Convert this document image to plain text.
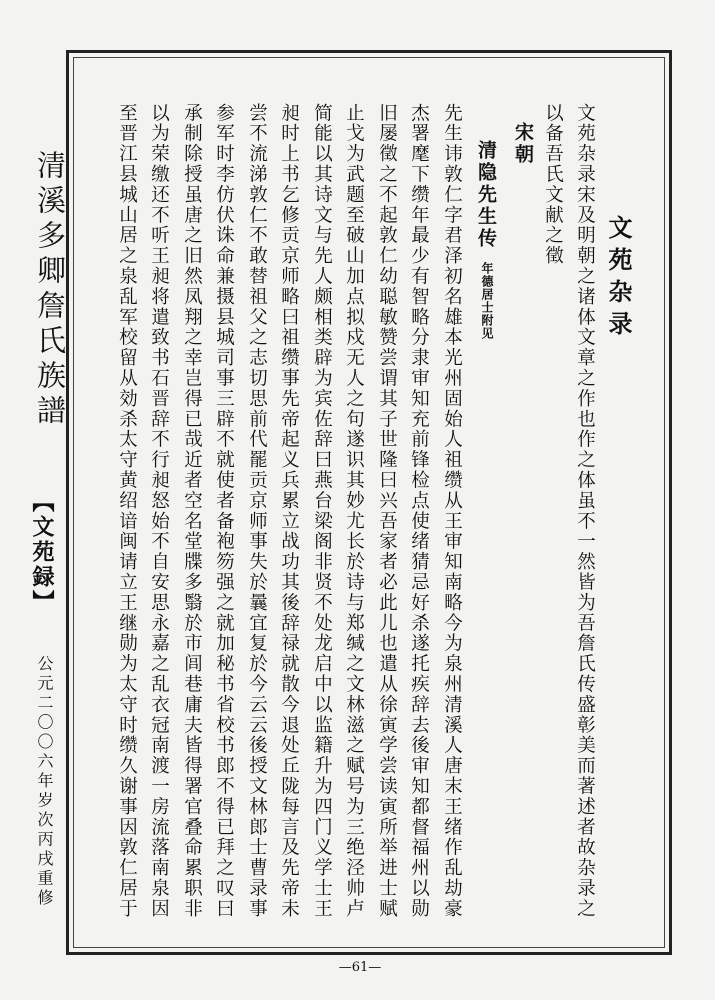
清溪多卿詹氏族譜
【文苑録】
公元二〇〇六年岁次丙戌重修
文苑杂录
文苑杂录宋及明朝之诸体文章之作也作之体虽不一然皆为吾詹氏传盛彰美而著述者故杂录之
以备吾氏文献之徵
宋朝
清隐先生传
年德居士附见
先生讳敦仁字君泽初名雄本光州固始人祖缵从王审知南略今为泉州清溪人唐末王绪作乱劫豪
杰署麾下缵年最少有智略分隶审知充前锋检点使绪猜忌好杀遂托疾辞去後审知都督福州以勋
旧屡徵之不起敦仁幼聪敏赞尝谓其子世隆曰兴吾家者必此儿也遣从徐寅学尝读寅所举进士赋
止戈为武题至破山加点拟戍无人之句遂识其妙尤长於诗与郑缄之文林滋之赋号为三绝泾帅卢
简能以其诗文与先人颇相类辟为宾佐辞曰燕台梁阁非贤不处龙启中以监籍升为四门义学士王
昶时上书乞修贡京师略曰祖缵事先帝起义兵累立战功其後辞禄就散今退处丘陇每言及先帝未
尝不流涕敦仁不敢替祖父之志切思前代罷贡京师事失於曩宜复於今云云後授文林郎士曹录事
参军时李仿伏诛命兼摄县城司事三辟不就使者备袍笏强之就加秘书省校书郎不得已拜之叹曰
承制除授虽唐之旧然凤翔之幸岂得已哉近者空名堂牒多翳於市闾巷庸夫皆得署官叠命累职非
以为荣缴还不听王昶将遣致书石晋辞不行昶怒始不自安思永嘉之乱衣冠南渡一房流落南泉因
至晋江县城山居之泉乱军校留从効杀太守黄绍谙闽请立王继勋为太守时缵久谢事因敦仁居于
—61—
